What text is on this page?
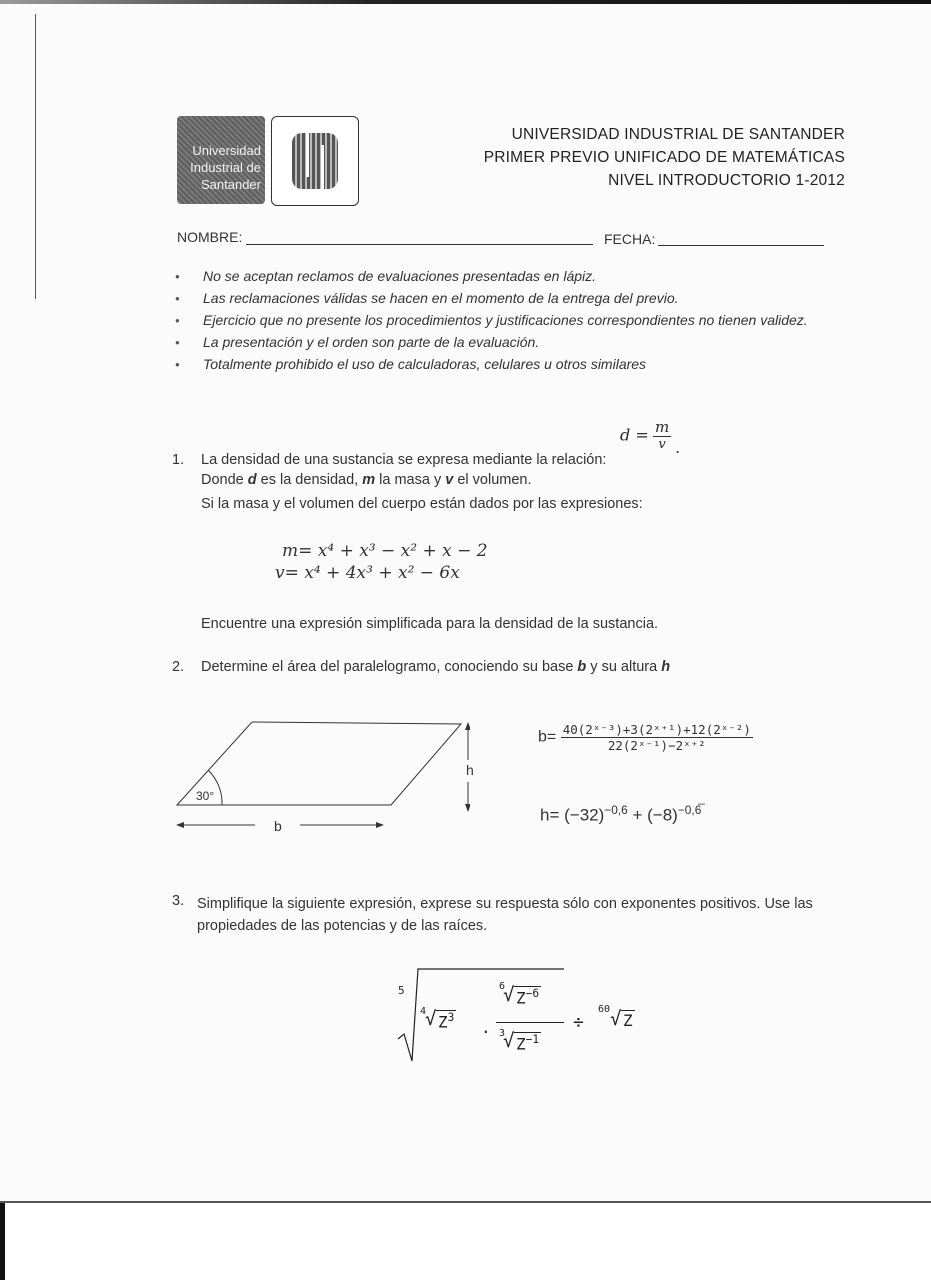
Universidad
Industrial de
Santander
UNIVERSIDAD INDUSTRIAL DE SANTANDER
PRIMER PREVIO UNIFICADO DE MATEMÁTICAS
NIVEL INTRODUCTORIO 1-2012
NOMBRE:	FECHA:
● No se aceptan reclamos de evaluaciones presentadas en lápiz.
● Las reclamaciones válidas se hacen en el momento de la entrega del previo.
● Ejercicio que no presente los procedimientos y justificaciones correspondientes no tienen validez.
● La presentación y el orden son parte de la evaluación.
● Totalmente prohibido el uso de calculadoras, celulares u otros similares
1. La densidad de una sustancia se expresa mediante la relación:
$d = \frac{m}{v}$ .
Donde d es la densidad, m la masa y v el volumen.
Si la masa y el volumen del cuerpo están dados por las expresiones:
m= x⁴ + x³ − x² + x − 2
v= x⁴ + 4x³ + x² − 6x
Encuentre una expresión simplificada para la densidad de la sustancia.
2. Determine el área del paralelogramo, conociendo su base b y su altura h
30°
h
b
$b= \frac{\text{40(2ˣ⁻³)+3(2ˣ⁺¹)+12(2ˣ⁻²)}}{\text{22(2ˣ⁻¹)−2ˣ⁺²}}$
$h= (-32)^{-0,6} + (-8)^{-0,6̅}$
3. Simplifique la siguiente expresión, exprese su respuesta sólo con exponentes positivos. Use las propiedades de las potencias y de las raíces.
5
4
√ $Z^3$
.
6
√ $Z^{-6}$
3
√ $Z^{-1}$
÷
60 √ Z
